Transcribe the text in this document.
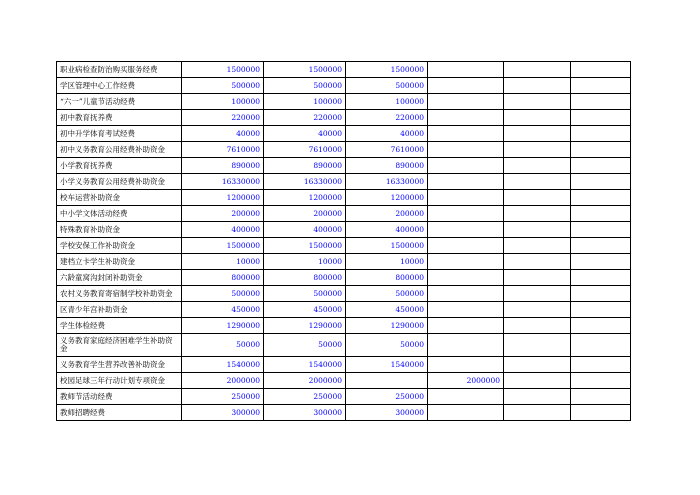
职业病检查防治购买服务经费	1500000	1500000	1500000			
学区管理中心工作经费	500000	500000	500000			
“六一”儿童节活动经费	100000	100000	100000			
初中教育抚养费	220000	220000	220000			
初中升学体育考试经费	40000	40000	40000			
初中义务教育公用经费补助资金	7610000	7610000	7610000			
小学教育抚养费	890000	890000	890000			
小学义务教育公用经费补助资金	16330000	16330000	16330000			
校车运营补助资金	1200000	1200000	1200000			
中小学文体活动经费	200000	200000	200000			
特殊教育补助资金	400000	400000	400000			
学校安保工作补助资金	1500000	1500000	1500000			
建档立卡学生补助资金	10000	10000	10000			
六龄童窝沟封闭补助资金	800000	800000	800000			
农村义务教育寄宿制学校补助资金	500000	500000	500000			
区青少年宫补助资金	450000	450000	450000			
学生体检经费	1290000	1290000	1290000			
义务教育家庭经济困难学生补助资金	50000	50000	50000			
义务教育学生营养改善补助资金	1540000	1540000	1540000			
校园足球三年行动计划专项资金	2000000	2000000		2000000		
教师节活动经费	250000	250000	250000			
教师招聘经费	300000	300000	300000			
